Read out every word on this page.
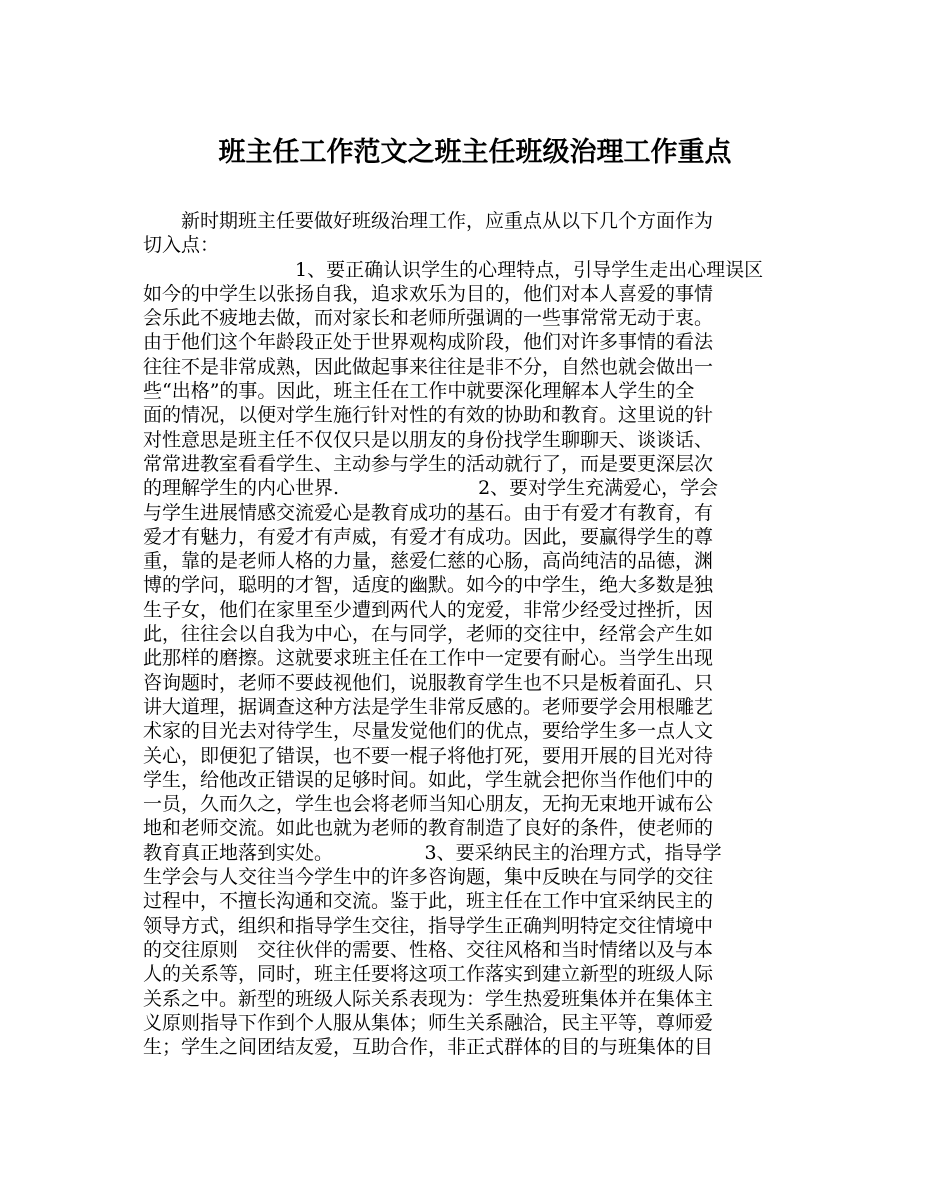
班主任工作范文之班主任班级治理工作重点
　　新时期班主任要做好班级治理工作，应重点从以下几个方面作为
切入点：
　　　　　　　　1、要正确认识学生的心理特点，引导学生走出心理误区
如今的中学生以张扬自我，追求欢乐为目的，他们对本人喜爱的事情
会乐此不疲地去做，而对家长和老师所强调的一些事常常无动于衷。
由于他们这个年龄段正处于世界观构成阶段，他们对许多事情的看法
往往不是非常成熟，因此做起事来往往是非不分，自然也就会做出一
些“出格”的事。因此，班主任在工作中就要深化理解本人学生的全
面的情况，以便对学生施行针对性的有效的协助和教育。这里说的针
对性意思是班主任不仅仅只是以朋友的身份找学生聊聊天、谈谈话、
常常进教室看看学生、主动参与学生的活动就行了，而是要更深层次
的理解学生的内心世界.　　　　　　　 2、要对学生充满爱心，学会
与学生进展情感交流爱心是教育成功的基石。由于有爱才有教育，有
爱才有魅力，有爱才有声威，有爱才有成功。因此，要赢得学生的尊
重，靠的是老师人格的力量，慈爱仁慈的心肠，高尚纯洁的品德，渊
博的学问，聪明的才智，适度的幽默。如今的中学生，绝大多数是独
生子女，他们在家里至少遭到两代人的宠爱，非常少经受过挫折，因
此，往往会以自我为中心，在与同学，老师的交往中，经常会产生如
此那样的磨擦。这就要求班主任在工作中一定要有耐心。当学生出现
咨询题时，老师不要歧视他们，说服教育学生也不只是板着面孔、只
讲大道理，据调查这种方法是学生非常反感的。老师要学会用根雕艺
术家的目光去对待学生，尽量发觉他们的优点，要给学生多一点人文
关心，即便犯了错误，也不要一棍子将他打死，要用开展的目光对待
学生，给他改正错误的足够时间。如此，学生就会把你当作他们中的
一员，久而久之，学生也会将老师当知心朋友，无拘无束地开诚布公
地和老师交流。如此也就为老师的教育制造了良好的条件，使老师的
教育真正地落到实处。　　　　　 3、要采纳民主的治理方式，指导学
生学会与人交往当今学生中的许多咨询题，集中反映在与同学的交往
过程中，不擅长沟通和交流。鉴于此，班主任在工作中宜采纳民主的
领导方式，组织和指导学生交往，指导学生正确判明特定交往情境中
的交往原则　交往伙伴的需要、性格、交往风格和当时情绪以及与本
人的关系等，同时，班主任要将这项工作落实到建立新型的班级人际
关系之中。新型的班级人际关系表现为：学生热爱班集体并在集体主
义原则指导下作到个人服从集体；师生关系融洽，民主平等，尊师爱
生；学生之间团结友爱，互助合作，非正式群体的目的与班集体的目
